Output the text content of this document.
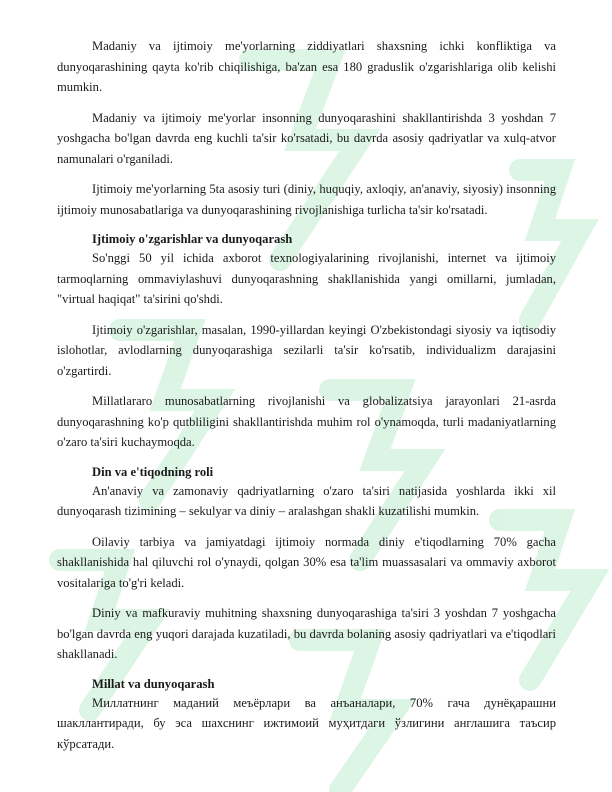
Madaniy va ijtimoiy me'yorlarning ziddiyatlari shaxsning ichki konfliktiga va dunyoqarashining qayta ko'rib chiqilishiga, ba'zan esa 180 graduslik o'zgarishlariga olib kelishi mumkin.

Madaniy va ijtimoiy me'yorlar insonning dunyoqarashini shakllantirishda 3 yoshdan 7 yoshgacha bo'lgan davrda eng kuchli ta'sir ko'rsatadi, bu davrda asosiy qadriyatlar va xulq-atvor namunalari o'rganiladi.

Ijtimoiy me'yorlarning 5ta asosiy turi (diniy, huquqiy, axloqiy, an'anaviy, siyosiy) insonning ijtimoiy munosabatlariga va dunyoqarashining rivojlanishiga turlicha ta'sir ko'rsatadi.

Ijtimoiy o'zgarishlar va dunyoqarash

So'nggi 50 yil ichida axborot texnologiyalarining rivojlanishi, internet va ijtimoiy tarmoqlarning ommaviylashuvi dunyoqarashning shakllanishida yangi omillarni, jumladan, "virtual haqiqat" ta'sirini qo'shdi.

Ijtimoiy o'zgarishlar, masalan, 1990-yillardan keyingi O'zbekistondagi siyosiy va iqtisodiy islohotlar, avlodlarning dunyoqarashiga sezilarli ta'sir ko'rsatib, individualizm darajasini o'zgartirdi.

Millatlararo munosabatlarning rivojlanishi va globalizatsiya jarayonlari 21-asrda dunyoqarashning ko'p qutbliligini shakllantirishda muhim rol o'ynamoqda, turli madaniyatlarning o'zaro ta'siri kuchaymoqda.

Din va e'tiqodning roli

An'anaviy va zamonaviy qadriyatlarning o'zaro ta'siri natijasida yoshlarda ikki xil dunyoqarash tizimining – sekulyar va diniy – aralashgan shakli kuzatilishi mumkin.

Oilaviy tarbiya va jamiyatdagi ijtimoiy normada diniy e'tiqodlarning 70% gacha shakllanishida hal qiluvchi rol o'ynaydi, qolgan 30% esa ta'lim muassasalari va ommaviy axborot vositalariga to'g'ri keladi.

Diniy va mafkuraviy muhitning shaxsning dunyoqarashiga ta'siri 3 yoshdan 7 yoshgacha bo'lgan davrda eng yuqori darajada kuzatiladi, bu davrda bolaning asosiy qadriyatlari va e'tiqodlari shakllanadi.

Millat va dunyoqarash

Миллатнинг маданий меъёрлари ва анъаналари, 70% гача дунёқарашни шакллантиради, бу эса шахснинг ижтимоий муҳитдаги ўзлигини англашига таъсир кўрсатади.
